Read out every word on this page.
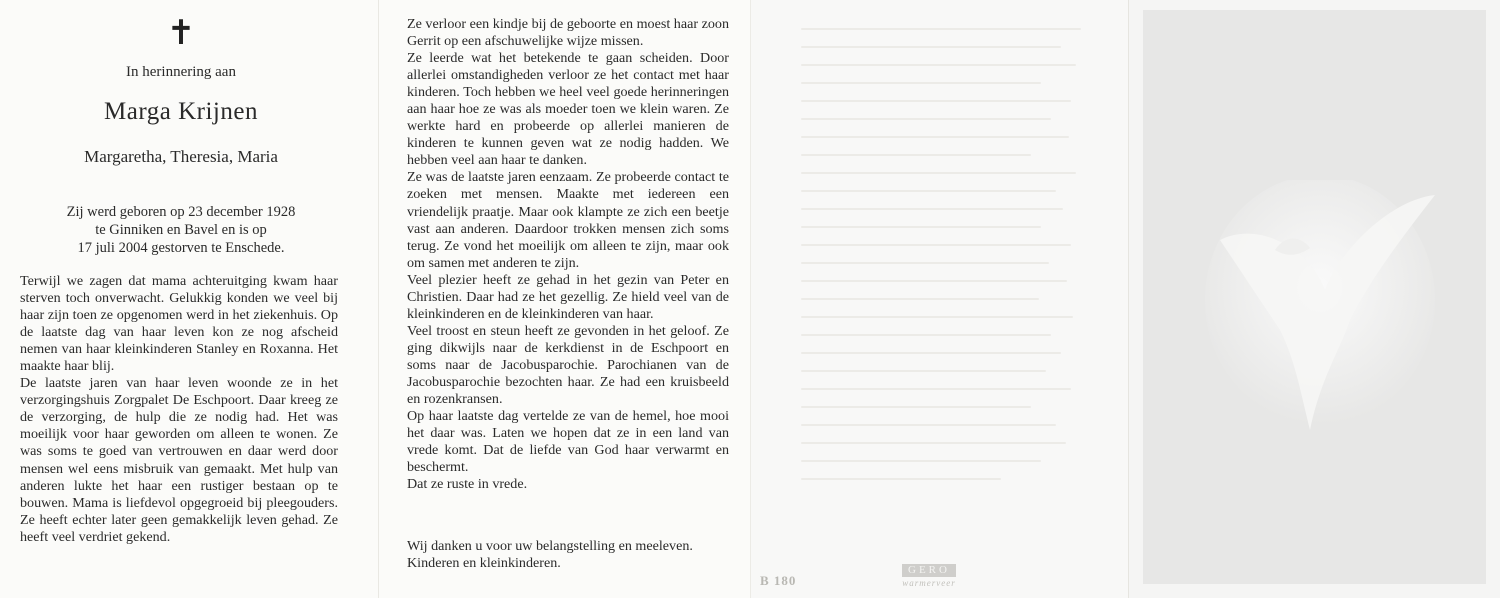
✝
In herinnering aan
Marga Krijnen
Margaretha, Theresia, Maria
Zij werd geboren op 23 december 1928
te Ginniken en Bavel en is op
17 juli 2004 gestorven te Enschede.

Terwijl we zagen dat mama achteruitging kwam haar sterven toch onverwacht. Gelukkig konden we veel bij haar zijn toen ze opgenomen werd in het ziekenhuis. Op de laatste dag van haar leven kon ze nog afscheid nemen van haar kleinkinderen Stanley en Roxanna. Het maakte haar blij.

De laatste jaren van haar leven woonde ze in het verzorgingshuis Zorgpalet De Eschpoort. Daar kreeg ze de verzorging, de hulp die ze nodig had. Het was moeilijk voor haar geworden om alleen te wonen. Ze was soms te goed van vertrouwen en daar werd door mensen wel eens misbruik van gemaakt. Met hulp van anderen lukte het haar een rustiger bestaan op te bouwen. Mama is liefdevol opgegroeid bij pleegouders. Ze heeft echter later geen gemakkelijk leven gehad. Ze heeft veel verdriet gekend.

Ze verloor een kindje bij de geboorte en moest haar zoon Gerrit op een afschuwelijke wijze missen.

Ze leerde wat het betekende te gaan scheiden. Door allerlei omstandigheden verloor ze het contact met haar kinderen. Toch hebben we heel veel goede herinneringen aan haar hoe ze was als moeder toen we klein waren. Ze werkte hard en probeerde op allerlei manieren de kinderen te kunnen geven wat ze nodig hadden. We hebben veel aan haar te danken.

Ze was de laatste jaren eenzaam. Ze probeerde contact te zoeken met mensen. Maakte met iedereen een vriendelijk praatje. Maar ook klampte ze zich een beetje vast aan anderen. Daardoor trokken mensen zich soms terug. Ze vond het moeilijk om alleen te zijn, maar ook om samen met anderen te zijn.

Veel plezier heeft ze gehad in het gezin van Peter en Christien. Daar had ze het gezellig. Ze hield veel van de kleinkinderen en de kleinkinderen van haar.

Veel troost en steun heeft ze gevonden in het geloof. Ze ging dikwijls naar de kerkdienst in de Eschpoort en soms naar de Jacobusparochie. Parochianen van de Jacobusparochie bezochten haar. Ze had een kruisbeeld en rozenkransen.

Op haar laatste dag vertelde ze van de hemel, hoe mooi het daar was. Laten we hopen dat ze in een land van vrede komt. Dat de liefde van God haar verwarmt en beschermt.

Dat ze ruste in vrede.

Wij danken u voor uw belangstelling en meeleven.
Kinderen en kleinkinderen.
B 180
GERO
warmerveer
